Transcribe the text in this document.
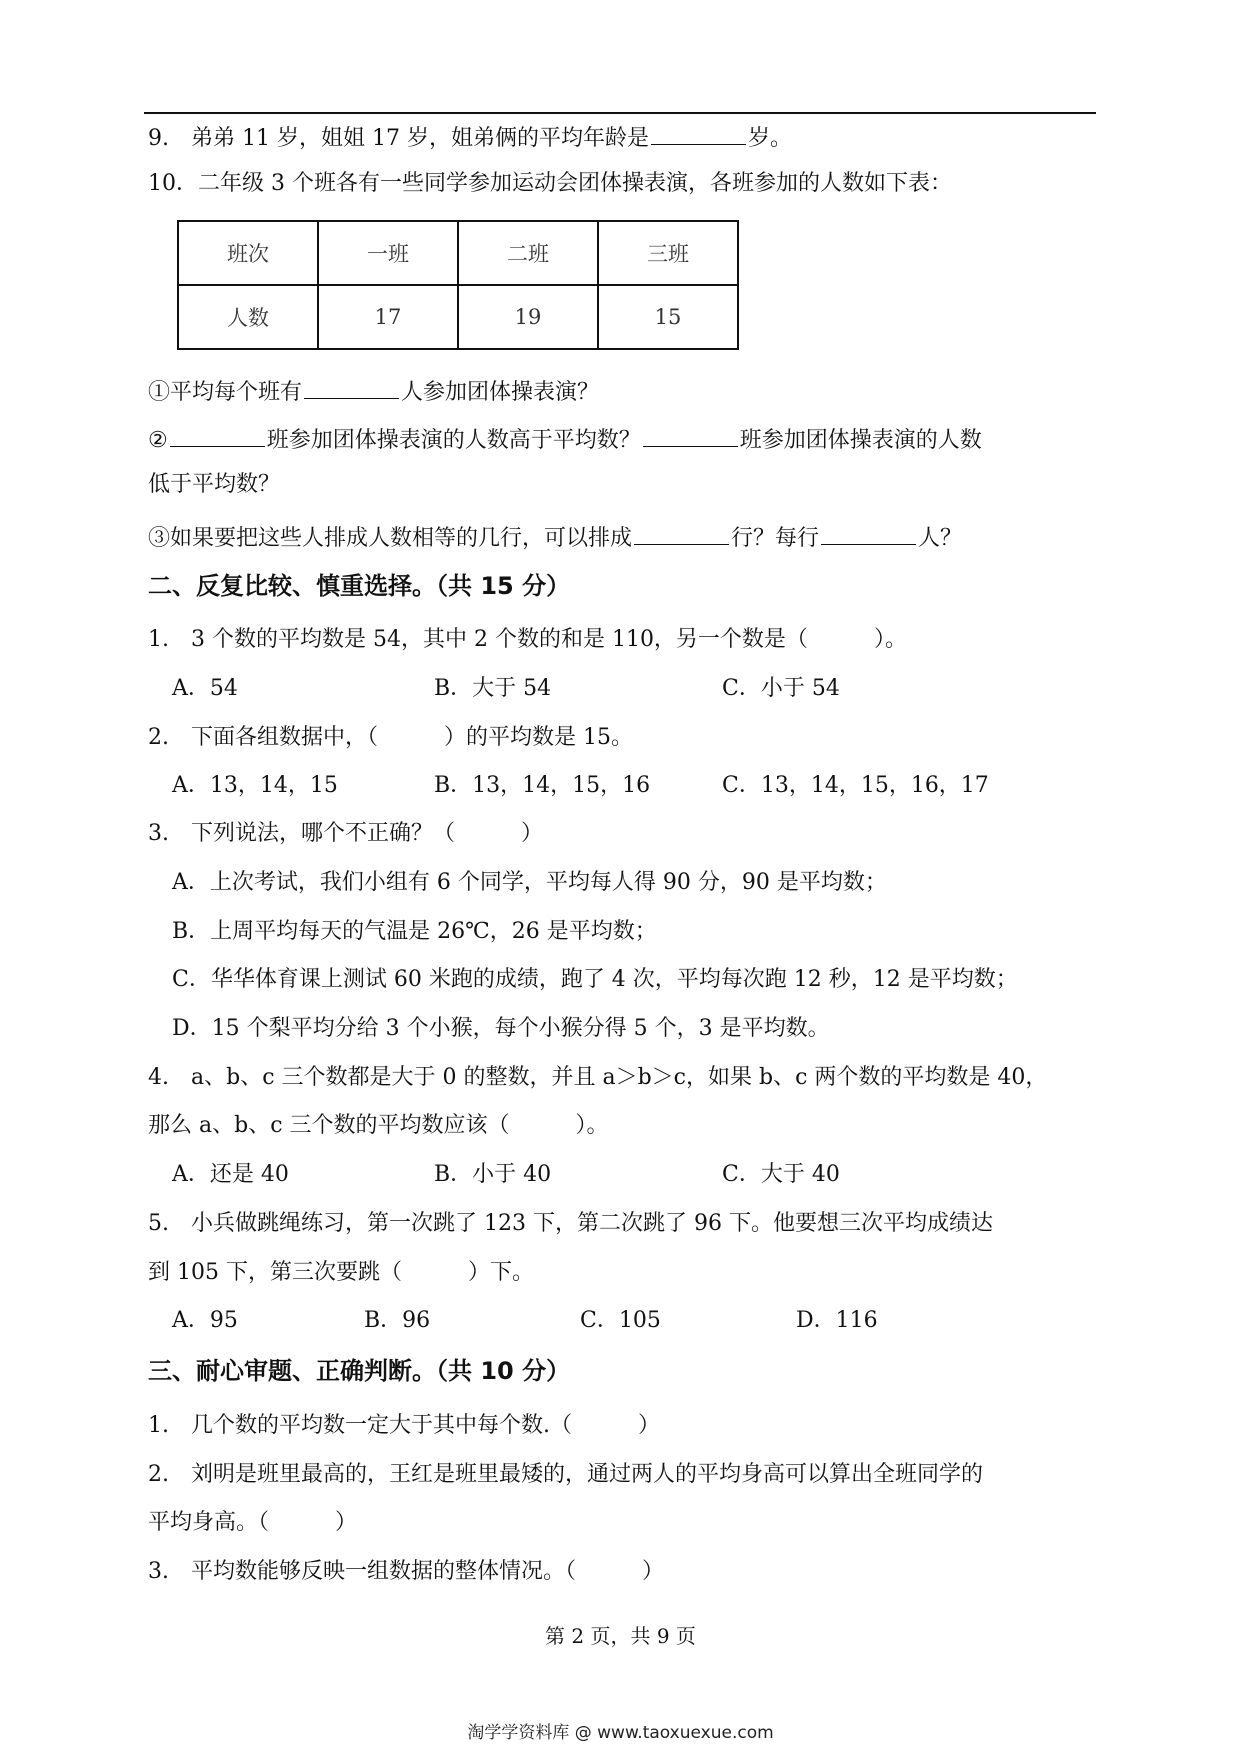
9.　弟弟 11 岁，姐姐 17 岁，姐弟俩的平均年龄是	岁。
10．二年级 3 个班各有一些同学参加运动会团体操表演，各班参加的人数如下表：
班次	一班	二班	三班
人数	17	19	15
①平均每个班有	人参加团体操表演？
②	班参加团体操表演的人数高于平均数？	班参加团体操表演的人数
低于平均数？
③如果要把这些人排成人数相等的几行，可以排成	行？每行	人？
二、反复比较、慎重选择。（共 15 分）
1.　3 个数的平均数是 54，其中 2 个数的和是 110，另一个数是（　　　）。
A．54	B．大于 54	C．小于 54
2.　下面各组数据中，（　　　）的平均数是 15。
A．13，14，15	B．13，14，15，16	C．13，14，15，16，17
3.　下列说法，哪个不正确？（　　　）
A．上次考试，我们小组有 6 个同学，平均每人得 90 分，90 是平均数；
B．上周平均每天的气温是 26℃，26 是平均数；
C．华华体育课上测试 60 米跑的成绩，跑了 4 次，平均每次跑 12 秒，12 是平均数；
D．15 个梨平均分给 3 个小猴，每个小猴分得 5 个，3 是平均数。
4.　a、b、c 三个数都是大于 0 的整数，并且 a＞b＞c，如果 b、c 两个数的平均数是 40，
那么 a、b、c 三个数的平均数应该（　　　）。
A．还是 40	B．小于 40	C．大于 40
5.　小兵做跳绳练习，第一次跳了 123 下，第二次跳了 96 下。他要想三次平均成绩达
到 105 下，第三次要跳（　　　）下。
A．95	B．96	C．105	D．116
三、耐心审题、正确判断。（共 10 分）
1.　几个数的平均数一定大于其中每个数.（　　　）
2.　刘明是班里最高的，王红是班里最矮的，通过两人的平均身高可以算出全班同学的
平均身高。（　　　）
3.　平均数能够反映一组数据的整体情况。（　　　）
第 2 页，共 9 页
淘学学资料库 @ www.taoxuexue.com
